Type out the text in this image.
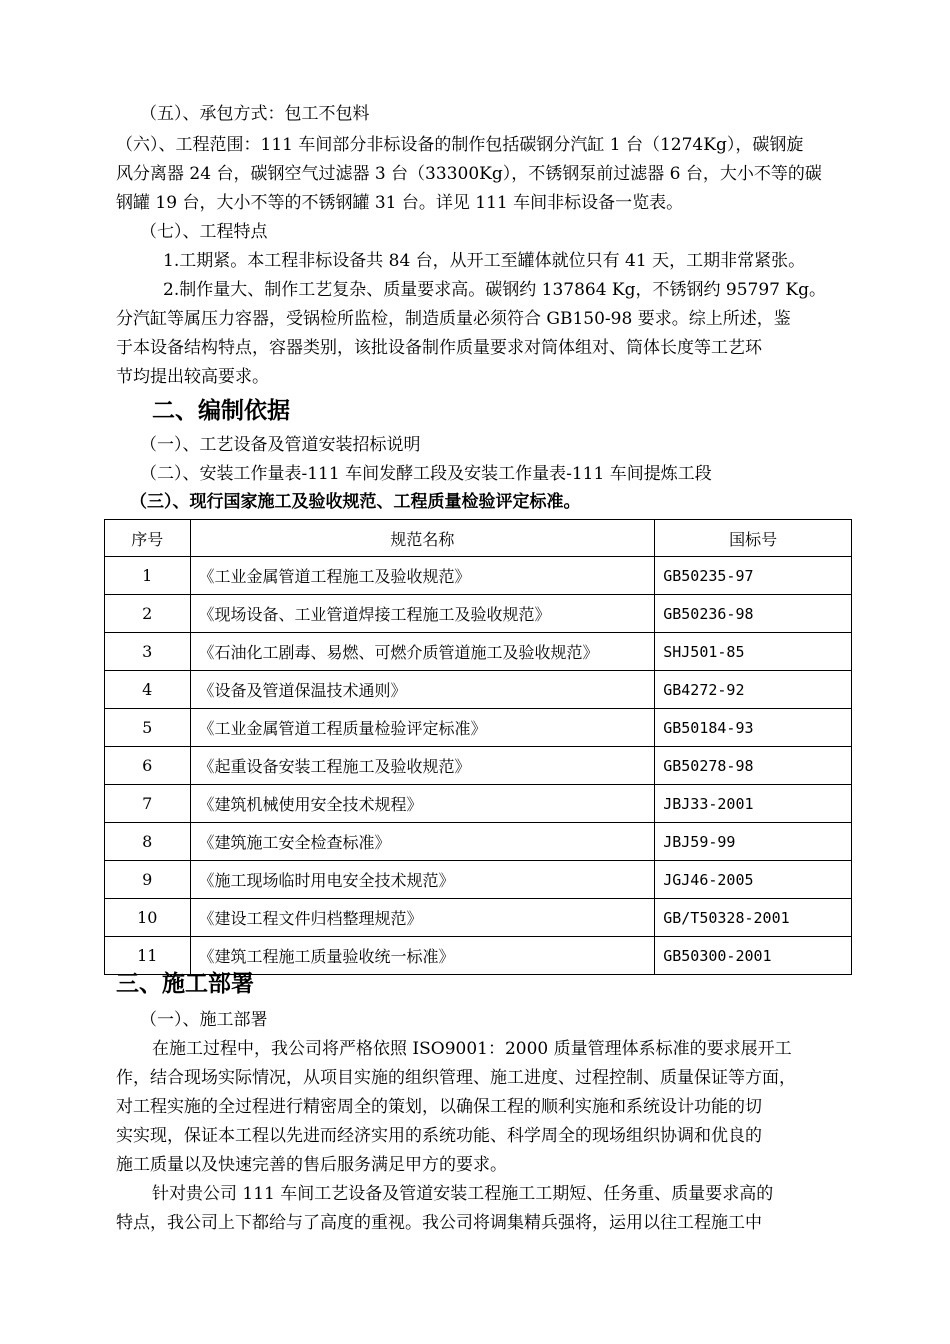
（五）、承包方式：包工不包料
（六）、工程范围：111 车间部分非标设备的制作包括碳钢分汽缸 1 台（1274Kg），碳钢旋
风分离器 24 台，碳钢空气过滤器 3 台（33300Kg），不锈钢泵前过滤器 6 台，大小不等的碳
钢罐 19 台，大小不等的不锈钢罐 31 台。详见 111 车间非标设备一览表。
（七）、工程特点
1.工期紧。本工程非标设备共 84 台，从开工至罐体就位只有 41 天，工期非常紧张。
2.制作量大、制作工艺复杂、质量要求高。碳钢约 137864 Kg，不锈钢约 95797 Kg。
分汽缸等属压力容器，受锅检所监检，制造质量必须符合 GB150-98 要求。综上所述，鉴
于本设备结构特点，容器类别，该批设备制作质量要求对筒体组对、筒体长度等工艺环
节均提出较高要求。
二、编制依据
（一）、工艺设备及管道安装招标说明
（二）、安装工作量表-111 车间发酵工段及安装工作量表-111 车间提炼工段
（三）、现行国家施工及验收规范、工程质量检验评定标准。
序号	规范名称	国标号
1	《工业金属管道工程施工及验收规范》	GB50235-97
2	《现场设备、工业管道焊接工程施工及验收规范》	GB50236-98
3	《石油化工剧毒、易燃、可燃介质管道施工及验收规范》	SHJ501-85
4	《设备及管道保温技术通则》	GB4272-92
5	《工业金属管道工程质量检验评定标准》	GB50184-93
6	《起重设备安装工程施工及验收规范》	GB50278-98
7	《建筑机械使用安全技术规程》	JBJ33-2001
8	《建筑施工安全检查标准》	JBJ59-99
9	《施工现场临时用电安全技术规范》	JGJ46-2005
10	《建设工程文件归档整理规范》	GB/T50328-2001
11	《建筑工程施工质量验收统一标准》	GB50300-2001
三、施工部署
（一）、施工部署
在施工过程中，我公司将严格依照 ISO9001：2000 质量管理体系标准的要求展开工
作，结合现场实际情况，从项目实施的组织管理、施工进度、过程控制、质量保证等方面，
对工程实施的全过程进行精密周全的策划，以确保工程的顺利实施和系统设计功能的切
实实现，保证本工程以先进而经济实用的系统功能、科学周全的现场组织协调和优良的
施工质量以及快速完善的售后服务满足甲方的要求。
针对贵公司 111 车间工艺设备及管道安装工程施工工期短、任务重、质量要求高的
特点，我公司上下都给与了高度的重视。我公司将调集精兵强将，运用以往工程施工中
